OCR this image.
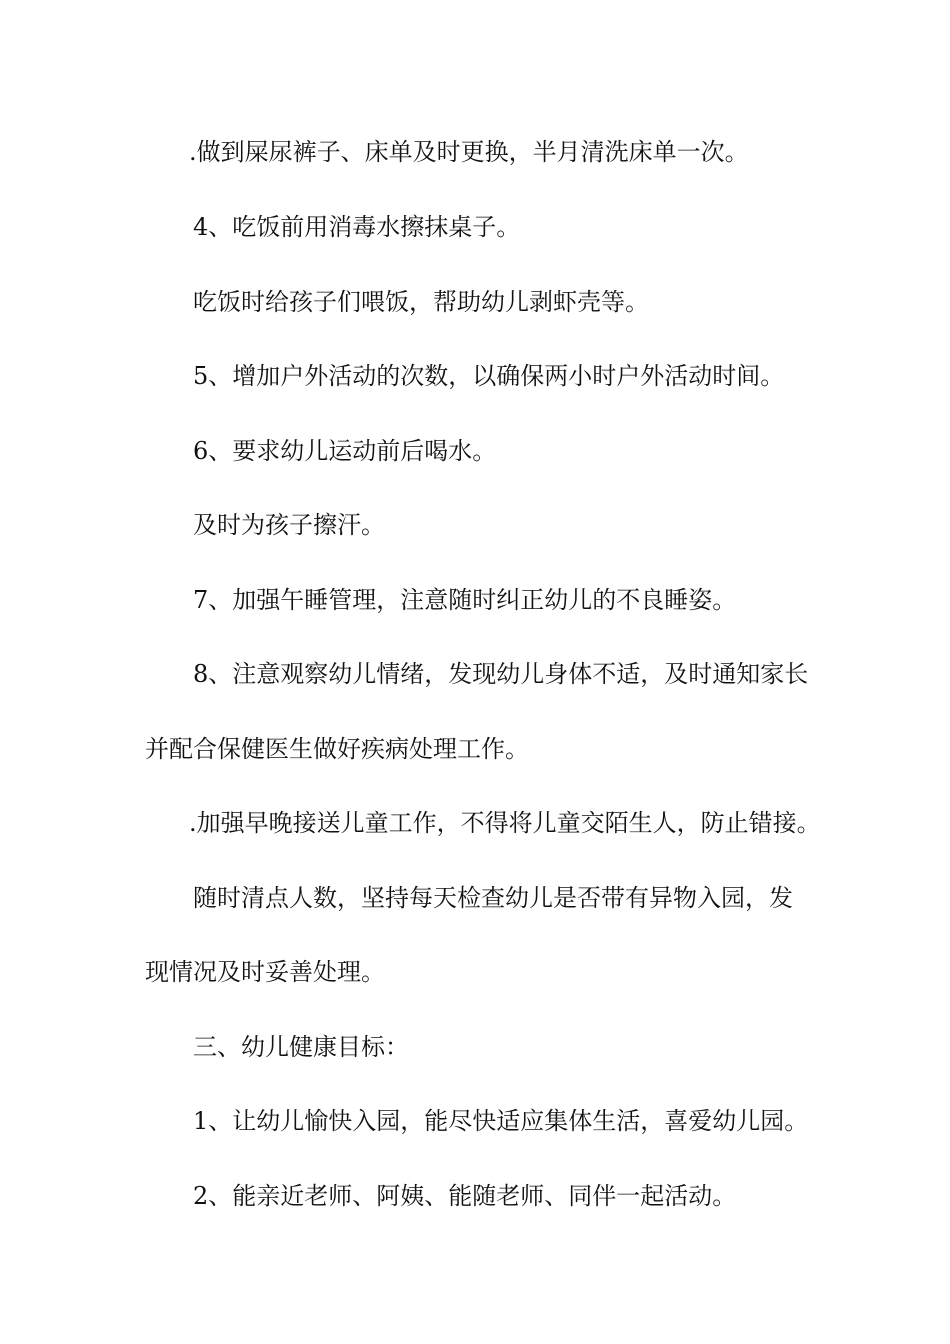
.做到屎尿裤子、床单及时更换，半月清洗床单一次。
4、吃饭前用消毒水擦抹桌子。
吃饭时给孩子们喂饭，帮助幼儿剥虾壳等。
5、增加户外活动的次数，以确保两小时户外活动时间。
6、要求幼儿运动前后喝水。
及时为孩子擦汗。
7、加强午睡管理，注意随时纠正幼儿的不良睡姿。
8、注意观察幼儿情绪，发现幼儿身体不适，及时通知家长
并配合保健医生做好疾病处理工作。
.加强早晚接送儿童工作，不得将儿童交陌生人，防止错接。
随时清点人数，坚持每天检查幼儿是否带有异物入园，发
现情况及时妥善处理。
三、幼儿健康目标：
1、让幼儿愉快入园，能尽快适应集体生活，喜爱幼儿园。
2、能亲近老师、阿姨、能随老师、同伴一起活动。
